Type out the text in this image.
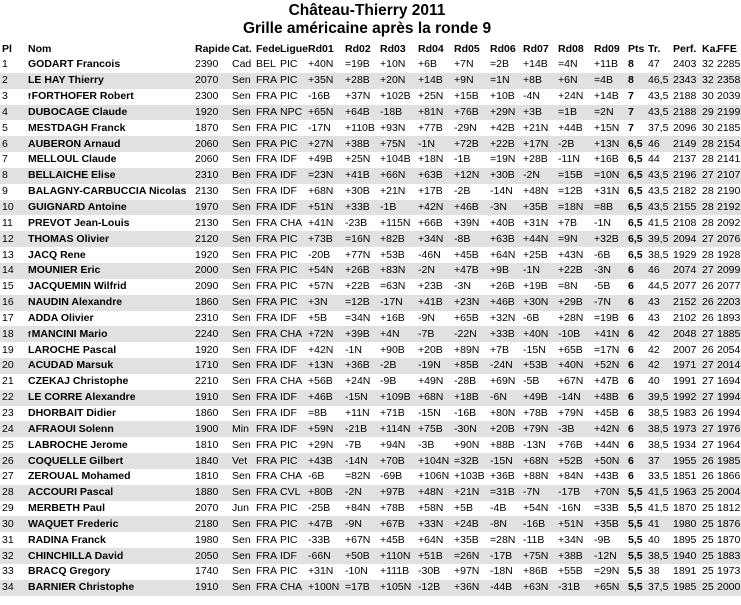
Château-Thierry 2011
Grille américaine après la ronde 9
Pl	Nom	Rapide	Cat.	Fede	Ligue	Rd01	Rd02	Rd03	Rd04	Rd05	Rd06	Rd07	Rd08	Rd09	Pts	Tr.	Perf.	Ka.	FFE
1	GODART Francois	2390	Cad	BEL	PIC	+40N	=19B	+10N	+6B	+7N	=2B	+14B	=4N	+11B	8	47	2403	32	2285
2	LE HAY Thierry	2070	Sen	FRA	PIC	+35N	+28B	+20N	+14B	+9N	=1N	+8B	+6N	=4B	8	46,5	2343	32	2358
3	$^f$FORTHOFER Robert	2300	Sen	FRA	PIC	-16B	+37N	+102B	+25N	+15B	+10B	-4N	+24N	+14B	7	43,5	2188	30	2039
4	DUBOCAGE Claude	1920	Sen	FRA	NPC	+65N	+64B	-18B	+81N	+76B	+29N	+3B	=1B	=2N	7	43,5	2188	29	2199
5	MESTDAGH Franck	1870	Sen	FRA	PIC	-17N	+110B	+93N	+77B	-29N	+42B	+21N	+44B	+15N	7	37,5	2096	30	2185
6	AUBERON Arnaud	2060	Sen	FRA	PIC	+27N	+38B	+75N	-1N	+72B	+22B	+17N	-2B	+13N	6,5	46	2149	28	2154
7	MELLOUL Claude	2060	Sen	FRA	IDF	+49B	+25N	+104B	+18N	-1B	=19N	+28B	-11N	+16B	6,5	44	2137	28	2141
8	BELLAICHE Elise	2310	Ben	FRA	IDF	=23N	+41B	+66N	+63B	+12N	+30B	-2N	=15B	=10N	6,5	43,5	2196	27	2107
9	BALAGNY-CARBUCCIA Nicolas	2130	Sen	FRA	IDF	+68N	+30B	+21N	+17B	-2B	-14N	+48N	=12B	+31N	6,5	43,5	2182	28	2190
10	GUIGNARD Antoine	1970	Sen	FRA	IDF	+51N	+33B	-1B	+42N	+46B	-3N	+35B	=18N	=8B	6,5	43,5	2155	28	2192
11	PREVOT Jean-Louis	2130	Sen	FRA	CHA	+41N	-23B	+115N	+66B	+39N	+40B	+31N	+7B	-1N	6,5	41,5	2108	28	2092
12	THOMAS Olivier	2120	Sen	FRA	PIC	+73B	=16N	+82B	+34N	-8B	+63B	+44N	=9N	+32B	6,5	39,5	2094	27	2076
13	JACQ Rene	1920	Sen	FRA	PIC	-20B	+77N	+53B	-46N	+45B	+64N	+25B	+43N	-6B	6,5	38,5	1929	28	1928
14	MOUNIER Eric	2000	Sen	FRA	PIC	+54N	+26B	+83N	-2N	+47B	+9B	-1N	+22B	-3N	6	46	2074	27	2099
15	JACQUEMIN Wilfrid	2090	Sen	FRA	PIC	+57N	+22B	=63N	+23B	-3N	+26B	+19B	=8N	-5B	6	44,5	2077	26	2077
16	NAUDIN Alexandre	1860	Sen	FRA	PIC	+3N	=12B	-17N	+41B	+23N	+46B	+30N	+29B	-7N	6	43	2152	26	2203
17	ADDA Olivier	2310	Sen	FRA	IDF	+5B	=34N	+16B	-9N	+65B	+32N	-6B	+28N	=19B	6	43	2102	26	1893
18	$^f$MANCINI Mario	2240	Sen	FRA	CHA	+72N	+39B	+4N	-7B	-22N	+33B	+40N	-10B	+41N	6	42	2048	27	1885
19	LAROCHE Pascal	1920	Sen	FRA	IDF	+42N	-1N	+90B	+20B	+89N	+7B	-15N	+65B	=17N	6	42	2007	26	2054
20	ACUDAD Marsuk	1710	Sen	FRA	IDF	+13N	+36B	-2B	-19N	+85B	-24N	+53B	+40N	+52N	6	42	1971	27	2014
21	CZEKAJ Christophe	2210	Sen	FRA	CHA	+56B	+24N	-9B	+49N	-28B	+69N	-5B	+67N	+47B	6	40	1991	27	1694
22	LE CORRE Alexandre	1910	Sen	FRA	IDF	+46B	-15N	+109B	+68N	+18B	-6N	+49B	-14N	+48B	6	39,5	1992	27	1994
23	DHORBAIT Didier	1860	Sen	FRA	IDF	=8B	+11N	+71B	-15N	-16B	+80N	+78B	+79N	+45B	6	38,5	1983	26	1994
24	AFRAOUI Solenn	1900	Min	FRA	IDF	+59N	-21B	+114N	+75B	-30N	+20B	+79N	-3B	+42N	6	38,5	1973	27	1976
25	LABROCHE Jerome	1810	Sen	FRA	PIC	+29N	-7B	+94N	-3B	+90N	+88B	-13N	+76B	+44N	6	38,5	1934	27	1964
26	COQUELLE Gilbert	1840	Vet	FRA	PIC	+43B	-14N	+70B	+104N	=32B	-15N	+68N	+52B	+50N	6	37	1955	26	1985
27	ZEROUAL Mohamed	1810	Sen	FRA	CHA	-6B	=82N	-69B	+106N	+103B	+36B	+88N	+84N	+43B	6	33,5	1851	26	1866
28	ACCOURI Pascal	1880	Sen	FRA	CVL	+80B	-2N	+97B	+48N	+21N	=31B	-7N	-17B	+70N	5,5	41,5	1963	25	2004
29	MERBETH Paul	2070	Jun	FRA	PIC	-25B	+84N	+78B	+58N	+5B	-4B	+54N	-16N	=33B	5,5	41,5	1870	25	1812
30	WAQUET Frederic	2180	Sen	FRA	PIC	+47B	-9N	+67B	+33N	+24B	-8N	-16B	+51N	+35B	5,5	41	1980	25	1876
31	RADINA Franck	1980	Sen	FRA	PIC	-33B	+67N	+45B	+64N	+35B	=28N	-11B	+34N	-9B	5,5	40	1895	25	1870
32	CHINCHILLA David	2050	Sen	FRA	IDF	-66N	+50B	+110N	+51B	=26N	-17B	+75N	+38B	-12N	5,5	38,5	1940	25	1883
33	BRACQ Gregory	1740	Sen	FRA	PIC	+31N	-10N	+111B	-30B	+97N	-18N	+86B	+55B	=29N	5,5	38	1891	25	1973
34	BARNIER Christophe	1910	Sen	FRA	CHA	+100N	=17B	+105N	-12B	+36N	-44B	+63N	-31B	+65N	5,5	37,5	1985	25	2000
